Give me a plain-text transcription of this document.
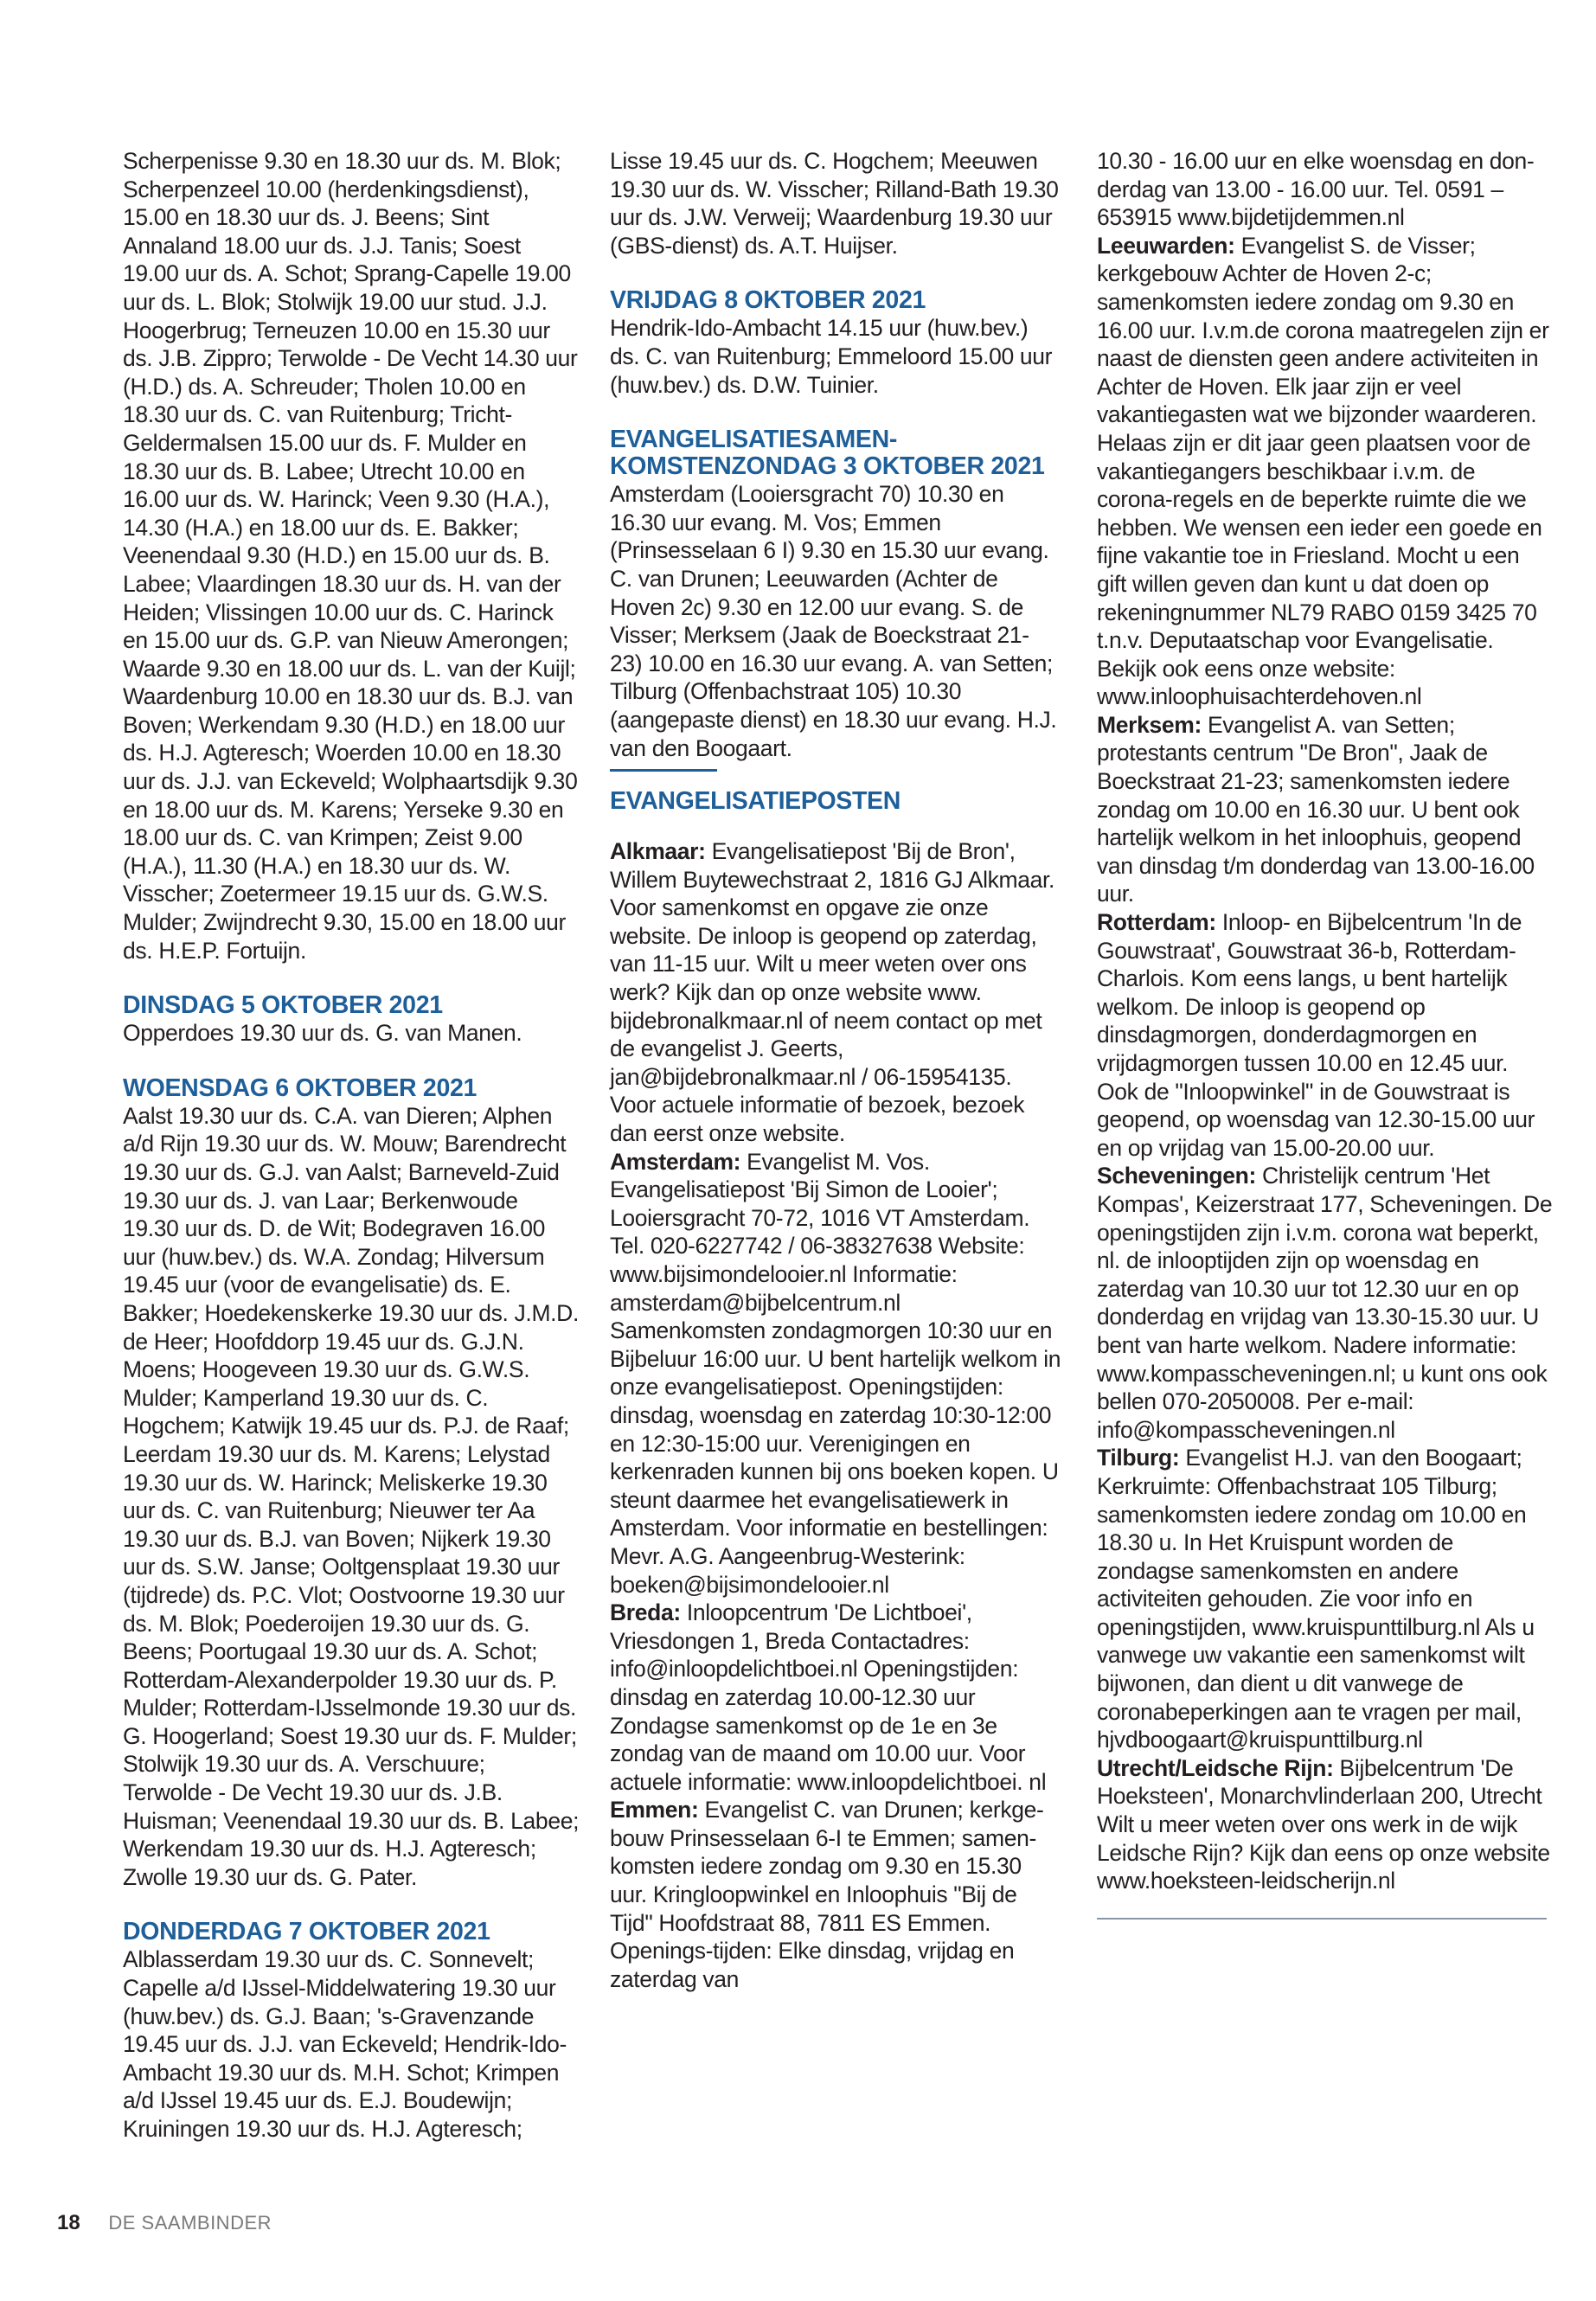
Scherpenisse 9.30 en 18.30 uur ds. M. Blok; Scherpenzeel 10.00 (herdenkingsdienst), 15.00 en 18.30 uur ds. J. Beens; Sint Annaland 18.00 uur ds. J.J. Tanis; Soest 19.00 uur ds. A. Schot; Sprang-Capelle 19.00 uur ds. L. Blok; Stolwijk 19.00 uur stud. J.J. Hoogerbrug; Terneuzen 10.00 en 15.30 uur ds. J.B. Zippro; Terwolde - De Vecht 14.30 uur (H.D.) ds. A. Schreuder; Tholen 10.00 en 18.30 uur ds. C. van Ruitenburg; Tricht-Geldermalsen 15.00 uur ds. F. Mulder en 18.30 uur ds. B. Labee; Utrecht 10.00 en 16.00 uur ds. W. Harinck; Veen 9.30 (H.A.), 14.30 (H.A.) en 18.00 uur ds. E. Bakker; Veenendaal 9.30 (H.D.) en 15.00 uur ds. B. Labee; Vlaardingen 18.30 uur ds. H. van der Heiden; Vlissingen 10.00 uur ds. C. Harinck en 15.00 uur ds. G.P. van Nieuw Amerongen; Waarde 9.30 en 18.00 uur ds. L. van der Kuijl; Waardenburg 10.00 en 18.30 uur ds. B.J. van Boven; Werkendam 9.30 (H.D.) en 18.00 uur ds. H.J. Agteresch; Woerden 10.00 en 18.30 uur ds. J.J. van Eckeveld; Wolphaartsdijk 9.30 en 18.00 uur ds. M. Karens; Yerseke 9.30 en 18.00 uur ds. C. van Krimpen; Zeist 9.00 (H.A.), 11.30 (H.A.) en 18.30 uur ds. W. Visscher; Zoetermeer 19.15 uur ds. G.W.S. Mulder; Zwijndrecht 9.30, 15.00 en 18.00 uur ds. H.E.P. Fortuijn.

DINSDAG 5 OKTOBER 2021

Opperdoes 19.30 uur ds. G. van Manen.

WOENSDAG 6 OKTOBER 2021

Aalst 19.30 uur ds. C.A. van Dieren; Alphen a/d Rijn 19.30 uur ds. W. Mouw; Barendrecht 19.30 uur ds. G.J. van Aalst; Barneveld-Zuid 19.30 uur ds. J. van Laar; Berkenwoude 19.30 uur ds. D. de Wit; Bodegraven 16.00 uur (huw.bev.) ds. W.A. Zondag; Hilversum 19.45 uur (voor de evangelisatie) ds. E. Bakker; Hoedekenskerke 19.30 uur ds. J.M.D. de Heer; Hoofddorp 19.45 uur ds. G.J.N. Moens; Hoogeveen 19.30 uur ds. G.W.S. Mulder; Kamperland 19.30 uur ds. C. Hogchem; Katwijk 19.45 uur ds. P.J. de Raaf; Leerdam 19.30 uur ds. M. Karens; Lelystad 19.30 uur ds. W. Harinck; Meliskerke 19.30 uur ds. C. van Ruitenburg; Nieuwer ter Aa 19.30 uur ds. B.J. van Boven; Nijkerk 19.30 uur ds. S.W. Janse; Ooltgensplaat 19.30 uur (tijdrede) ds. P.C. Vlot; Oostvoorne 19.30 uur ds. M. Blok; Poederoijen 19.30 uur ds. G. Beens; Poortugaal 19.30 uur ds. A. Schot; Rotterdam-Alexanderpolder 19.30 uur ds. P. Mulder; Rotterdam-IJsselmonde 19.30 uur ds. G. Hoogerland; Soest 19.30 uur ds. F. Mulder; Stolwijk 19.30 uur ds. A. Verschuure; Terwolde - De Vecht 19.30 uur ds. J.B. Huisman; Veenendaal 19.30 uur ds. B. Labee; Werkendam 19.30 uur ds. H.J. Agteresch; Zwolle 19.30 uur ds. G. Pater.

DONDERDAG 7 OKTOBER 2021

Alblasserdam 19.30 uur ds. C. Sonnevelt; Capelle a/d IJssel-Middelwatering 19.30 uur (huw.bev.) ds. G.J. Baan; 's-Gravenzande 19.45 uur ds. J.J. van Eckeveld; Hendrik-Ido-Ambacht 19.30 uur ds. M.H. Schot; Krimpen a/d IJssel 19.45 uur ds. E.J. Boudewijn; Kruiningen 19.30 uur ds. H.J. Agteresch;

Lisse 19.45 uur ds. C. Hogchem; Meeuwen 19.30 uur ds. W. Visscher; Rilland-Bath 19.30 uur ds. J.W. Verweij; Waardenburg 19.30 uur (GBS-dienst) ds. A.T. Huijser.

VRIJDAG 8 OKTOBER 2021

Hendrik-Ido-Ambacht 14.15 uur (huw.bev.) ds. C. van Ruitenburg; Emmeloord 15.00 uur (huw.bev.) ds. D.W. Tuinier.

EVANGELISATIESAMEN-
KOMSTENZONDAG 3 OKTOBER 2021

Amsterdam (Looiersgracht 70) 10.30 en 16.30 uur evang. M. Vos; Emmen (Prinsesselaan 6 I) 9.30 en 15.30 uur evang. C. van Drunen; Leeuwarden (Achter de Hoven 2c) 9.30 en 12.00 uur evang. S. de Visser; Merksem (Jaak de Boeckstraat 21-23) 10.00 en 16.30 uur evang. A. van Setten; Tilburg (Offenbachstraat 105) 10.30 (aangepaste dienst) en 18.30 uur evang. H.J. van den Boogaart.

EVANGELISATIEPOSTEN

Alkmaar: Evangelisatiepost 'Bij de Bron', Willem Buytewechstraat 2, 1816 GJ Alkmaar. Voor samenkomst en opgave zie onze website. De inloop is geopend op zaterdag, van 11-15 uur. Wilt u meer weten over ons werk? Kijk dan op onze website www. bijdebronalkmaar.nl of neem contact op met de evangelist J. Geerts, jan@bijdebronalkmaar.nl / 06-15954135. Voor actuele informatie of bezoek, bezoek dan eerst onze website.

Amsterdam: Evangelist M. Vos. Evangelisatiepost 'Bij Simon de Looier'; Looiersgracht 70-72, 1016 VT Amsterdam. Tel. 020-6227742 / 06-38327638 Website: www.bijsimondelooier.nl Informatie: amsterdam@bijbelcentrum.nl Samenkomsten zondagmorgen 10:30 uur en Bijbeluur 16:00 uur. U bent hartelijk welkom in onze evangelisatiepost. Openingstijden: dinsdag, woensdag en zaterdag 10:30-12:00 en 12:30-15:00 uur. Verenigingen en kerkenraden kunnen bij ons boeken kopen. U steunt daarmee het evangelisatiewerk in Amsterdam. Voor informatie en bestellingen: Mevr. A.G. Aangeenbrug-Westerink: boeken@bijsimondelooier.nl

Breda: Inloopcentrum 'De Lichtboei', Vriesdongen 1, Breda Contactadres: info@inloopdelichtboei.nl Openingstijden: dinsdag en zaterdag 10.00-12.30 uur Zondagse samenkomst op de 1e en 3e zondag van de maand om 10.00 uur. Voor actuele informatie: www.inloopdelichtboei. nl

Emmen: Evangelist C. van Drunen; kerkge-bouw Prinsesselaan 6-I te Emmen; samen-komsten iedere zondag om 9.30 en 15.30 uur. Kringloopwinkel en Inloophuis "Bij de Tijd" Hoofdstraat 88, 7811 ES Emmen. Openings-tijden: Elke dinsdag, vrijdag en zaterdag van

10.30 - 16.00 uur en elke woensdag en don-derdag van 13.00 - 16.00 uur. Tel. 0591 – 653915 www.bijdetijdemmen.nl

Leeuwarden: Evangelist S. de Visser; kerkgebouw Achter de Hoven 2-c; samenkomsten iedere zondag om 9.30 en 16.00 uur. I.v.m.de corona maatregelen zijn er naast de diensten geen andere activiteiten in Achter de Hoven. Elk jaar zijn er veel vakantiegasten wat we bijzonder waarderen. Helaas zijn er dit jaar geen plaatsen voor de vakantiegangers beschikbaar i.v.m. de corona-regels en de beperkte ruimte die we hebben. We wensen een ieder een goede en fijne vakantie toe in Friesland. Mocht u een gift willen geven dan kunt u dat doen op rekeningnummer NL79 RABO 0159 3425 70 t.n.v. Deputaatschap voor Evangelisatie. Bekijk ook eens onze website: www.inloophuisachterdehoven.nl

Merksem: Evangelist A. van Setten; protestants centrum "De Bron", Jaak de Boeckstraat 21-23; samenkomsten iedere zondag om 10.00 en 16.30 uur. U bent ook hartelijk welkom in het inloophuis, geopend van dinsdag t/m donderdag van 13.00-16.00 uur.

Rotterdam: Inloop- en Bijbelcentrum 'In de Gouwstraat', Gouwstraat 36-b, Rotterdam-Charlois. Kom eens langs, u bent hartelijk welkom. De inloop is geopend op dinsdagmorgen, donderdagmorgen en vrijdagmorgen tussen 10.00 en 12.45 uur. Ook de "Inloopwinkel" in de Gouwstraat is geopend, op woensdag van 12.30-15.00 uur en op vrijdag van 15.00-20.00 uur.

Scheveningen: Christelijk centrum 'Het Kompas', Keizerstraat 177, Scheveningen. De openingstijden zijn i.v.m. corona wat beperkt, nl. de inlooptijden zijn op woensdag en zaterdag van 10.30 uur tot 12.30 uur en op donderdag en vrijdag van 13.30-15.30 uur. U bent van harte welkom. Nadere informatie: www.kompasscheveningen.nl; u kunt ons ook bellen 070-2050008. Per e-mail: info@kompasscheveningen.nl

Tilburg: Evangelist H.J. van den Boogaart; Kerkruimte: Offenbachstraat 105 Tilburg; samenkomsten iedere zondag om 10.00 en 18.30 u. In Het Kruispunt worden de zondagse samenkomsten en andere activiteiten gehouden. Zie voor info en openingstijden, www.kruispunttilburg.nl Als u vanwege uw vakantie een samenkomst wilt bijwonen, dan dient u dit vanwege de coronabeperkingen aan te vragen per mail, hjvdboogaart@kruispunttilburg.nl

Utrecht/Leidsche Rijn: Bijbelcentrum 'De Hoeksteen', Monarchvlinderlaan 200, Utrecht Wilt u meer weten over ons werk in de wijk Leidsche Rijn? Kijk dan eens op onze website www.hoeksteen-leidscherijn.nl

18 DE SAAMBINDER
